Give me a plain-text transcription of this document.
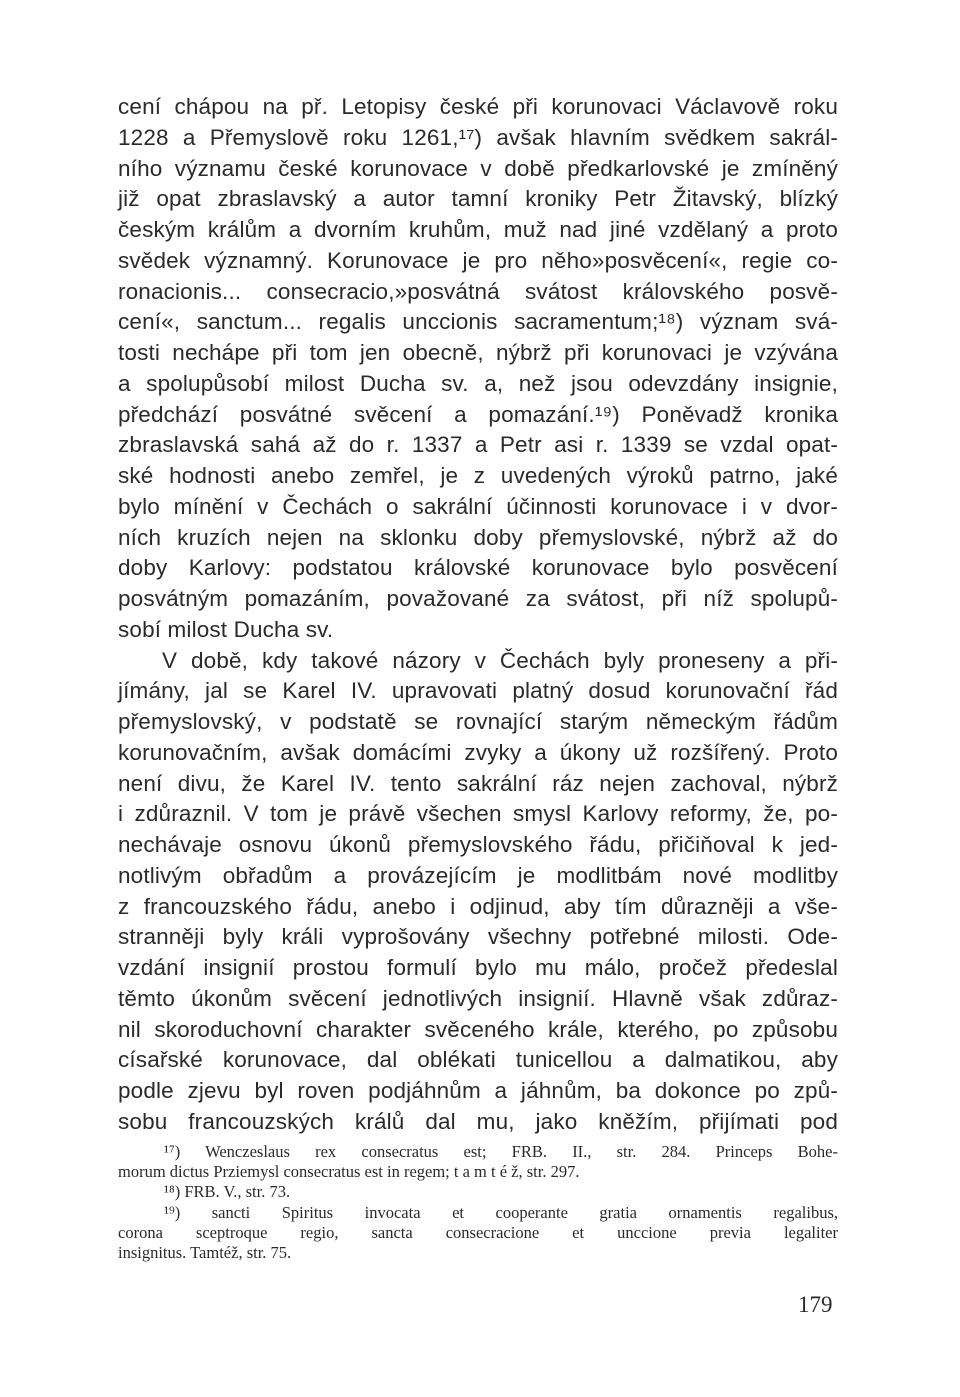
cení chápou na př. Letopisy české při korunovaci Václavově roku
1228 a Přemyslově roku 1261,¹⁷) avšak hlavním svědkem sakrál-
ního významu české korunovace v době předkarlovské je zmíněný
již opat zbraslavský a autor tamní kroniky Petr Žitavský, blízký
českým králům a dvorním kruhům, muž nad jiné vzdělaný a proto
svědek významný. Korunovace je pro něho»posvěcení«, regie co-
ronacionis... consecracio,»posvátná svátost královského posvě-
cení«, sanctum... regalis unccionis sacramentum;¹⁸) význam svá-
tosti nechápe při tom jen obecně, nýbrž při korunovaci je vzývána
a spolupůsobí milost Ducha sv. a, než jsou odevzdány insignie,
předchází posvátné svěcení a pomazání.¹⁹) Poněvadž kronika
zbraslavská sahá až do r. 1337 a Petr asi r. 1339 se vzdal opat-
ské hodnosti anebo zemřel, je z uvedených výroků patrno, jaké
bylo mínění v Čechách o sakrální účinnosti korunovace i v dvor-
ních kruzích nejen na sklonku doby přemyslovské, nýbrž až do
doby Karlovy: podstatou královské korunovace bylo posvěcení
posvátným pomazáním, považované za svátost, při níž spolupů-
sobí milost Ducha sv.
V době, kdy takové názory v Čechách byly proneseny a při-
jímány, jal se Karel IV. upravovati platný dosud korunovační řád
přemyslovský, v podstatě se rovnající starým německým řádům
korunovačním, avšak domácími zvyky a úkony už rozšířený. Proto
není divu, že Karel IV. tento sakrální ráz nejen zachoval, nýbrž
i zdůraznil. V tom je právě všechen smysl Karlovy reformy, že, po-
nechávaje osnovu úkonů přemyslovského řádu, přičiňoval k jed-
notlivým obřadům a provázejícím je modlitbám nové modlitby
z francouzského řádu, anebo i odjinud, aby tím důrazněji a vše-
stranněji byly králi vyprošovány všechny potřebné milosti. Ode-
vzdání insignií prostou formulí bylo mu málo, pročež předeslal
těmto úkonům svěcení jednotlivých insignií. Hlavně však zdůraz-
nil skoroduchovní charakter svěceného krále, kterého, po způsobu
císařské korunovace, dal oblékati tunicellou a dalmatikou, aby
podle zjevu byl roven podjáhnům a jáhnům, ba dokonce po způ-
sobu francouzských králů dal mu, jako kněžím, přijímati pod
¹⁷) Wenczeslaus rex consecratus est; FRB. II., str. 284. Princeps Bohe-
morum dictus Prziemysl consecratus est in regem; t a m t é ž, str. 297.
¹⁸) FRB. V., str. 73.
¹⁹) sancti Spiritus invocata et cooperante gratia ornamentis regalibus,
corona sceptroque regio, sancta consecracione et unccione previa legaliter
insignitus. Tamtéž, str. 75.
179
